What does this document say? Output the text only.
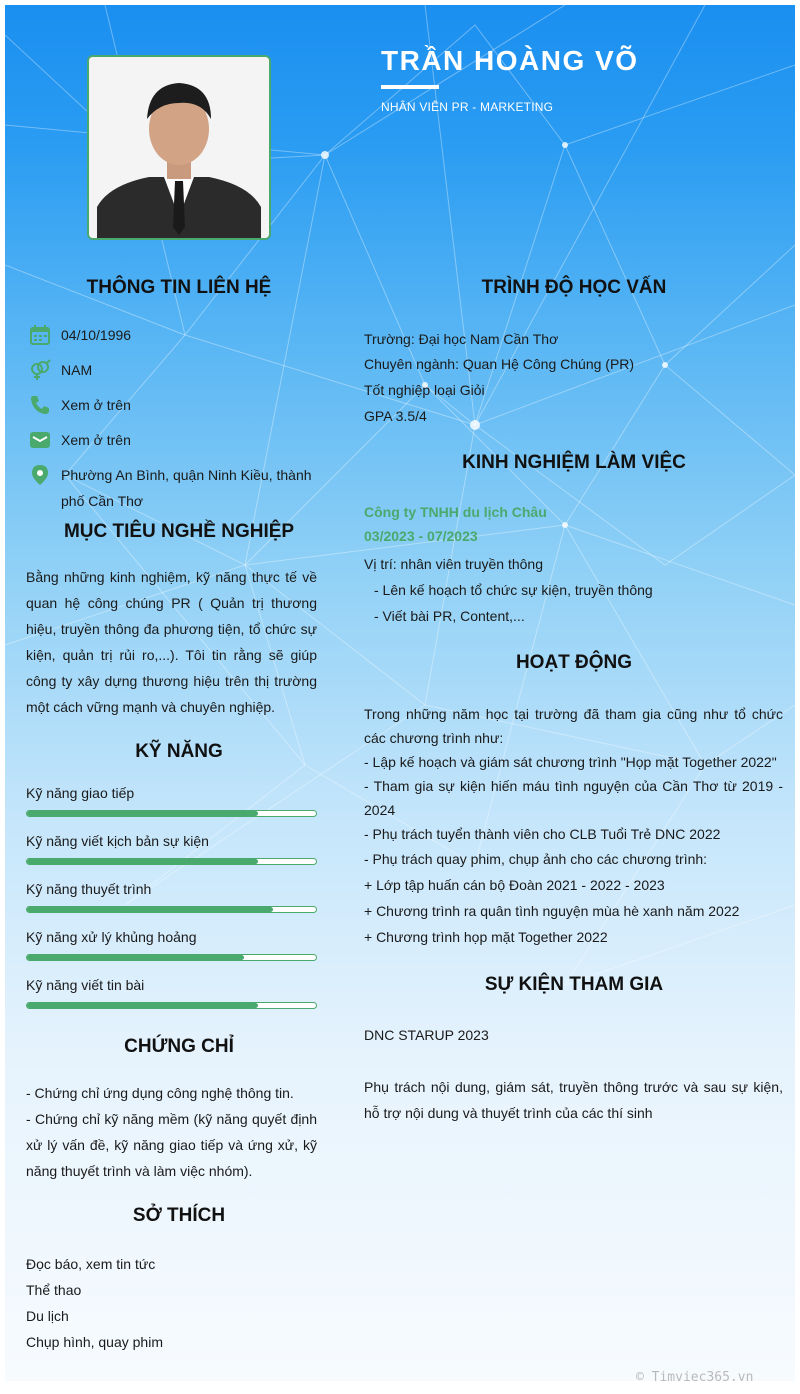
TRẦN HOÀNG VÕ
NHÂN VIÊN PR - MARKETING
THÔNG TIN LIÊN HỆ
04/10/1996
NAM
Xem ở trên
Xem ở trên
Phường An Bình, quận Ninh Kiều, thành phố Cần Thơ
MỤC TIÊU NGHỀ NGHIỆP
Bằng những kinh nghiệm, kỹ năng thực tế về quan hệ công chúng PR ( Quản trị thương hiệu, truyền thông đa phương tiện, tổ chức sự kiện, quản trị rủi ro,...). Tôi tin rằng sẽ giúp công ty xây dựng thương hiệu trên thị trường một cách vững mạnh và chuyên nghiệp.
KỸ NĂNG
Kỹ năng giao tiếp
Kỹ năng viết kịch bản sự kiện
Kỹ năng thuyết trình
Kỹ năng xử lý khủng hoảng
Kỹ năng viết tin bài
CHỨNG CHỈ
- Chứng chỉ ứng dụng công nghệ thông tin.
- Chứng chỉ kỹ năng mềm (kỹ năng quyết định xử lý vấn đề, kỹ năng giao tiếp và ứng xử, kỹ năng thuyết trình và làm việc nhóm).
SỞ THÍCH
Đọc báo, xem tin tức
Thể thao
Du lịch
Chụp hình, quay phim
TRÌNH ĐỘ HỌC VẤN
Trường: Đại học Nam Cần Thơ
Chuyên ngành: Quan Hệ Công Chúng (PR)
Tốt nghiệp loại Giỏi
GPA 3.5/4
KINH NGHIỆM LÀM VIỆC
Công ty TNHH du lịch Châu
03/2023 - 07/2023
Vị trí: nhân viên truyền thông
- Lên kế hoạch tổ chức sự kiện, truyền thông
- Viết bài PR, Content,...
HOẠT ĐỘNG
Trong những năm học tại trường đã tham gia cũng như tổ chức các chương trình như:
- Lập kế hoạch và giám sát chương trình "Họp mặt Together 2022"
- Tham gia sự kiện hiến máu tình nguyện của Cần Thơ từ 2019 - 2024
- Phụ trách tuyển thành viên cho CLB Tuổi Trẻ DNC 2022
- Phụ trách quay phim, chụp ảnh cho các chương trình:
+ Lớp tập huấn cán bộ Đoàn 2021 - 2022 - 2023
+ Chương trình ra quân tình nguyện mùa hè xanh năm 2022
+ Chương trình họp mặt Together 2022
SỰ KIỆN THAM GIA
DNC STARUP 2023
Phụ trách nội dung, giám sát, truyền thông trước và sau sự kiện, hỗ trợ nội dung và thuyết trình của các thí sinh
© Timviec365.vn
